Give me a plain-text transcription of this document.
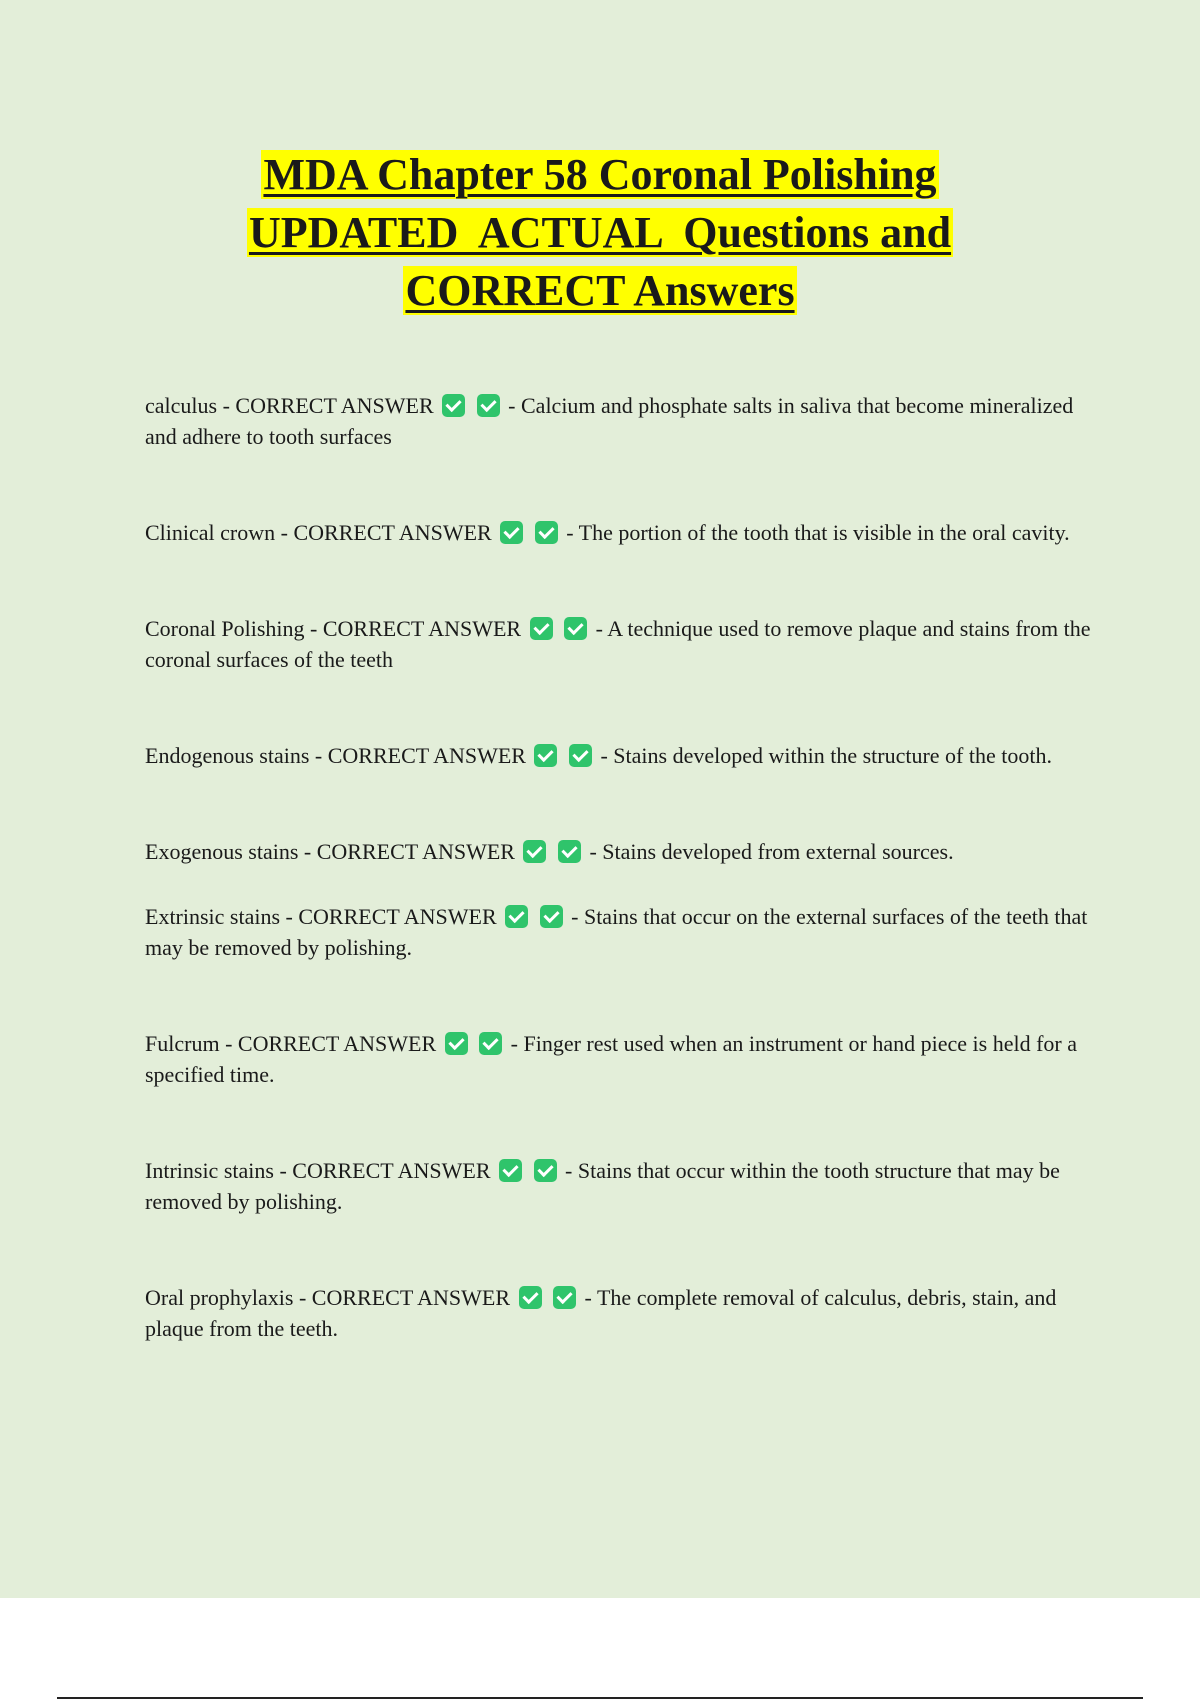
MDA Chapter 58 Coronal Polishing
UPDATED  ACTUAL  Questions and
CORRECT Answers

calculus - CORRECT ANSWER	- Calcium and phosphate salts in saliva that become mineralized and adhere to tooth surfaces

Clinical crown - CORRECT ANSWER	- The portion of the tooth that is visible in the oral cavity.

Coronal Polishing - CORRECT ANSWER	- A technique used to remove plaque and stains from the coronal surfaces of the teeth

Endogenous stains - CORRECT ANSWER	- Stains developed within the structure of the tooth.

Exogenous stains - CORRECT ANSWER	- Stains developed from external sources.

Extrinsic stains - CORRECT ANSWER	- Stains that occur on the external surfaces of the teeth that may be removed by polishing.

Fulcrum - CORRECT ANSWER	- Finger rest used when an instrument or hand piece is held for a specified time.

Intrinsic stains - CORRECT ANSWER	- Stains that occur within the tooth structure that may be removed by polishing.

Oral prophylaxis - CORRECT ANSWER	- The complete removal of calculus, debris, stain, and plaque from the teeth.
